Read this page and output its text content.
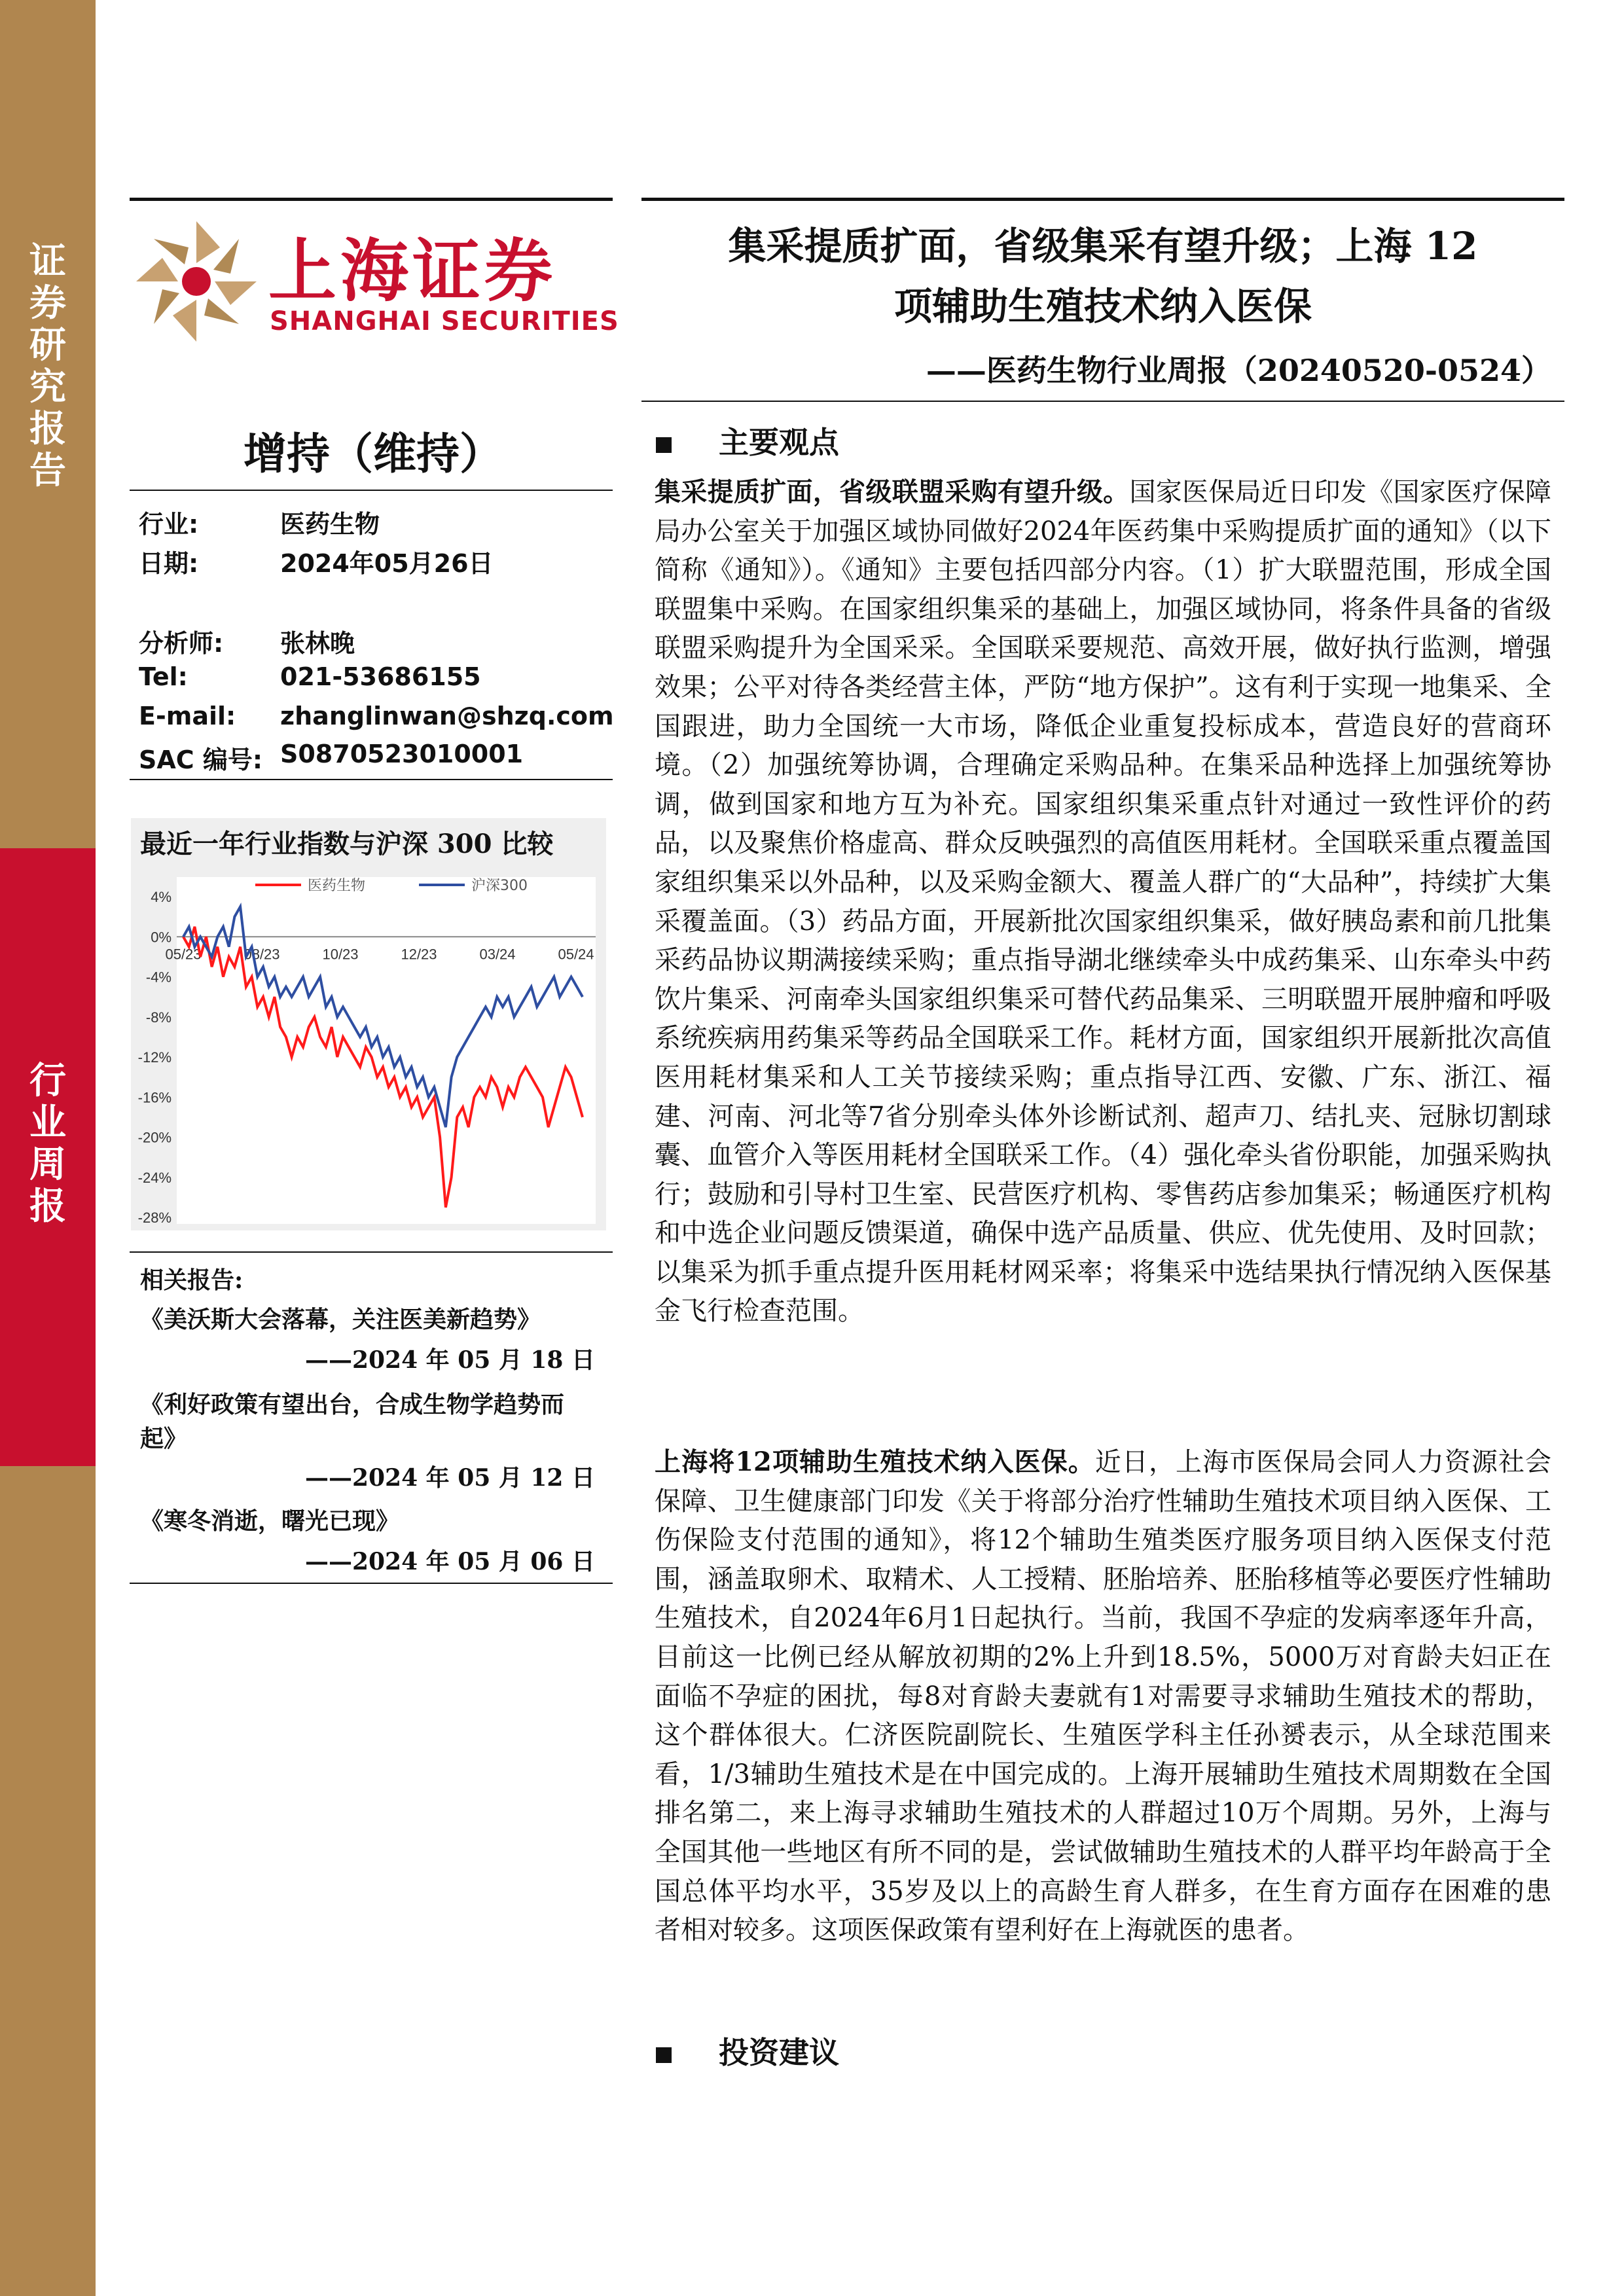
证
券
研
究
报
告
行
业
周
报
上海证券
SHANGHAI SECURITIES
集采提质扩面，省级集采有望升级；上海 12
项辅助生殖技术纳入医保
——医药生物行业周报（20240520-0524）
增持（维持）
行业:	医药生物
日期:	2024年05月26日
分析师: 张林晚
Tel:	021-53686155
E-mail: zhanglinwan@shzq.com
SAC 编号: S0870523010001
最近一年行业指数与沪深 300 比较
4%
0%
-4%
-8%
-12%
-16%
-20%
-24%
-28%
05/23	08/23	10/23	12/23	03/24	05/24
医药生物	沪深300
相关报告:
《美沃斯大会落幕，关注医美新趋势》
——2024 年 05 月 18 日
《利好政策有望出台，合成生物学趋势而
起》
——2024 年 05 月 12 日
《寒冬消逝，曙光已现》
——2024 年 05 月 06 日
主要观点
集采提质扩面，省级联盟采购有望升级。国家医保局近日印发《国家医疗保障局办公室关于加强区域协同做好2024年医药集中采购提质扩面的通知》（以下简称《通知》）。《通知》主要包括四部分内容。（1）扩大联盟范围，形成全国联盟集中采购。在国家组织集采的基础上，加强区域协同，将条件具备的省级联盟采购提升为全国采采。全国联采要规范、高效开展，做好执行监测，增强效果；公平对待各类经营主体，严防“地方保护”。这有利于实现一地集采、全国跟进，助力全国统一大市场，降低企业重复投标成本，营造良好的营商环境。（2）加强统筹协调，合理确定采购品种。在集采品种选择上加强统筹协调，做到国家和地方互为补充。国家组织集采重点针对通过一致性评价的药品，以及聚焦价格虚高、群众反映强烈的高值医用耗材。全国联采重点覆盖国家组织集采以外品种，以及采购金额大、覆盖人群广的“大品种”，持续扩大集采覆盖面。（3）药品方面，开展新批次国家组织集采，做好胰岛素和前几批集采药品协议期满接续采购；重点指导湖北继续牵头中成药集采、山东牵头中药饮片集采、河南牵头国家组织集采可替代药品集采、三明联盟开展肿瘤和呼吸系统疾病用药集采等药品全国联采工作。耗材方面，国家组织开展新批次高值医用耗材集采和人工关节接续采购；重点指导江西、安徽、广东、浙江、福建、河南、河北等7省分别牵头体外诊断试剂、超声刀、结扎夹、冠脉切割球囊、血管介入等医用耗材全国联采工作。（4）强化牵头省份职能，加强采购执行；鼓励和引导村卫生室、民营医疗机构、零售药店参加集采；畅通医疗机构和中选企业问题反馈渠道，确保中选产品质量、供应、优先使用、及时回款；以集采为抓手重点提升医用耗材网采率；将集采中选结果执行情况纳入医保基金飞行检查范围。
上海将12项辅助生殖技术纳入医保。近日，上海市医保局会同人力资源社会保障、卫生健康部门印发《关于将部分治疗性辅助生殖技术项目纳入医保、工伤保险支付范围的通知》，将12个辅助生殖类医疗服务项目纳入医保支付范围，涵盖取卵术、取精术、人工授精、胚胎培养、胚胎移植等必要医疗性辅助生殖技术，自2024年6月1日起执行。当前，我国不孕症的发病率逐年升高，目前这一比例已经从解放初期的2%上升到18.5%，5000万对育龄夫妇正在面临不孕症的困扰，每8对育龄夫妻就有1对需要寻求辅助生殖技术的帮助，这个群体很大。仁济医院副院长、生殖医学科主任孙赟表示，从全球范围来看，1/3辅助生殖技术是在中国完成的。上海开展辅助生殖技术周期数在全国排名第二，来上海寻求辅助生殖技术的人群超过10万个周期。另外，上海与全国其他一些地区有所不同的是，尝试做辅助生殖技术的人群平均年龄高于全国总体平均水平，35岁及以上的高龄生育人群多，在生育方面存在困难的患者相对较多。这项医保政策有望利好在上海就医的患者。
投资建议
